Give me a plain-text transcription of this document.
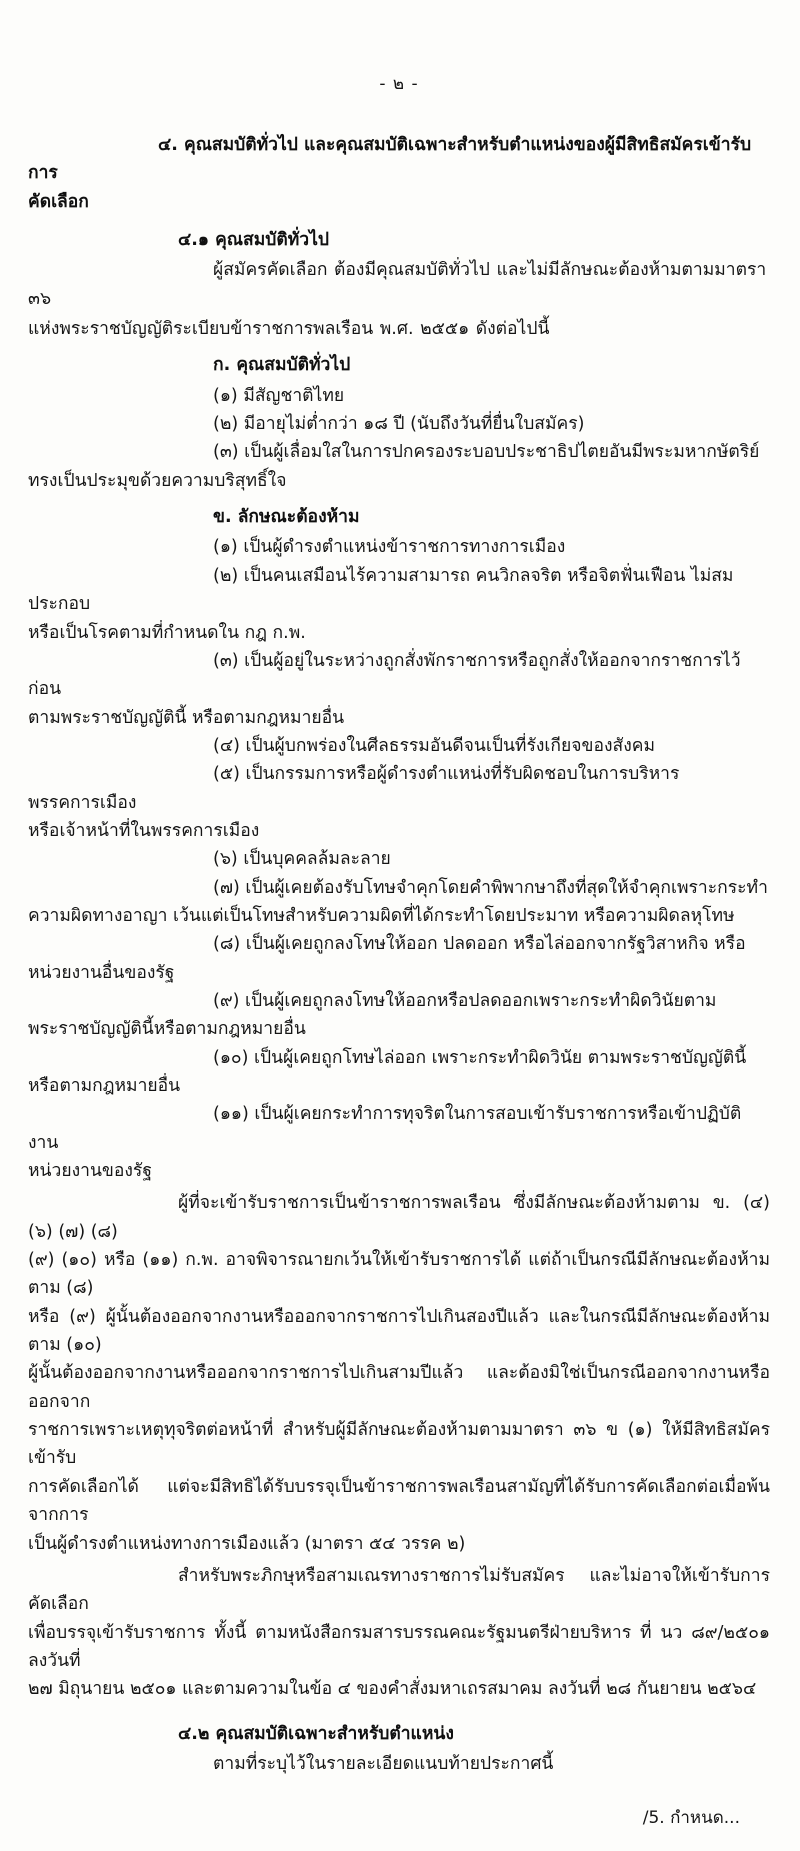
- ๒ -

๔. คุณสมบัติทั่วไป และคุณสมบัติเฉพาะสำหรับตำแหน่งของผู้มีสิทธิสมัครเข้ารับการ

คัดเลือก

๔.๑ คุณสมบัติทั่วไป

ผู้สมัครคัดเลือก ต้องมีคุณสมบัติทั่วไป และไม่มีลักษณะต้องห้ามตามมาตรา ๓๖

แห่งพระราชบัญญัติระเบียบข้าราชการพลเรือน พ.ศ. ๒๕๕๑ ดังต่อไปนี้

ก. คุณสมบัติทั่วไป

(๑) มีสัญชาติไทย

(๒) มีอายุไม่ต่ำกว่า ๑๘ ปี (นับถึงวันที่ยื่นใบสมัคร)

(๓) เป็นผู้เลื่อมใสในการปกครองระบอบประชาธิปไตยอันมีพระมหากษัตริย์

ทรงเป็นประมุขด้วยความบริสุทธิ์ใจ

ข. ลักษณะต้องห้าม

(๑) เป็นผู้ดำรงตำแหน่งข้าราชการทางการเมือง

(๒) เป็นคนเสมือนไร้ความสามารถ คนวิกลจริต หรือจิตฟั่นเฟือน ไม่สมประกอบ

หรือเป็นโรคตามที่กำหนดใน กฎ ก.พ.

(๓) เป็นผู้อยู่ในระหว่างถูกสั่งพักราชการหรือถูกสั่งให้ออกจากราชการไว้ก่อน

ตามพระราชบัญญัตินี้ หรือตามกฎหมายอื่น

(๔) เป็นผู้บกพร่องในศีลธรรมอันดีจนเป็นที่รังเกียจของสังคม

(๕) เป็นกรรมการหรือผู้ดำรงตำแหน่งที่รับผิดชอบในการบริหารพรรคการเมือง

หรือเจ้าหน้าที่ในพรรคการเมือง

(๖) เป็นบุคคลล้มละลาย

(๗) เป็นผู้เคยต้องรับโทษจำคุกโดยคำพิพากษาถึงที่สุดให้จำคุกเพราะกระทำ

ความผิดทางอาญา เว้นแต่เป็นโทษสำหรับความผิดที่ได้กระทำโดยประมาท หรือความผิดลหุโทษ

(๘) เป็นผู้เคยถูกลงโทษให้ออก ปลดออก หรือไล่ออกจากรัฐวิสาหกิจ หรือ

หน่วยงานอื่นของรัฐ

(๙) เป็นผู้เคยถูกลงโทษให้ออกหรือปลดออกเพราะกระทำผิดวินัยตาม

พระราชบัญญัตินี้หรือตามกฎหมายอื่น

(๑๐) เป็นผู้เคยถูกโทษไล่ออก เพราะกระทำผิดวินัย ตามพระราชบัญญัตินี้

หรือตามกฎหมายอื่น

(๑๑) เป็นผู้เคยกระทำการทุจริตในการสอบเข้ารับราชการหรือเข้าปฏิบัติงาน

หน่วยงานของรัฐ

ผู้ที่จะเข้ารับราชการเป็นข้าราชการพลเรือน ซึ่งมีลักษณะต้องห้ามตาม ข. (๔) (๖) (๗) (๘)

(๙) (๑๐) หรือ (๑๑) ก.พ. อาจพิจารณายกเว้นให้เข้ารับราชการได้ แต่ถ้าเป็นกรณีมีลักษณะต้องห้ามตาม (๘)

หรือ (๙) ผู้นั้นต้องออกจากงานหรือออกจากราชการไปเกินสองปีแล้ว และในกรณีมีลักษณะต้องห้ามตาม (๑๐)

ผู้นั้นต้องออกจากงานหรือออกจากราชการไปเกินสามปีแล้ว และต้องมิใช่เป็นกรณีออกจากงานหรือออกจาก

ราชการเพราะเหตุทุจริตต่อหน้าที่ สำหรับผู้มีลักษณะต้องห้ามตามมาตรา ๓๖ ข (๑) ให้มีสิทธิสมัครเข้ารับ

การคัดเลือกได้ แต่จะมีสิทธิได้รับบรรจุเป็นข้าราชการพลเรือนสามัญที่ได้รับการคัดเลือกต่อเมื่อพ้นจากการ

เป็นผู้ดำรงตำแหน่งทางการเมืองแล้ว (มาตรา ๕๔ วรรค ๒)

สำหรับพระภิกษุหรือสามเณรทางราชการไม่รับสมัคร และไม่อาจให้เข้ารับการคัดเลือก

เพื่อบรรจุเข้ารับราชการ ทั้งนี้ ตามหนังสือกรมสารบรรณคณะรัฐมนตรีฝ่ายบริหาร ที่ นว ๘๙/๒๕๐๑ ลงวันที่

๒๗ มิถุนายน ๒๕๐๑ และตามความในข้อ ๔ ของคำสั่งมหาเถรสมาคม ลงวันที่ ๒๘ กันยายน ๒๕๖๔

๔.๒ คุณสมบัติเฉพาะสำหรับตำแหน่ง

ตามที่ระบุไว้ในรายละเอียดแนบท้ายประกาศนี้

/5. กำหนด...
